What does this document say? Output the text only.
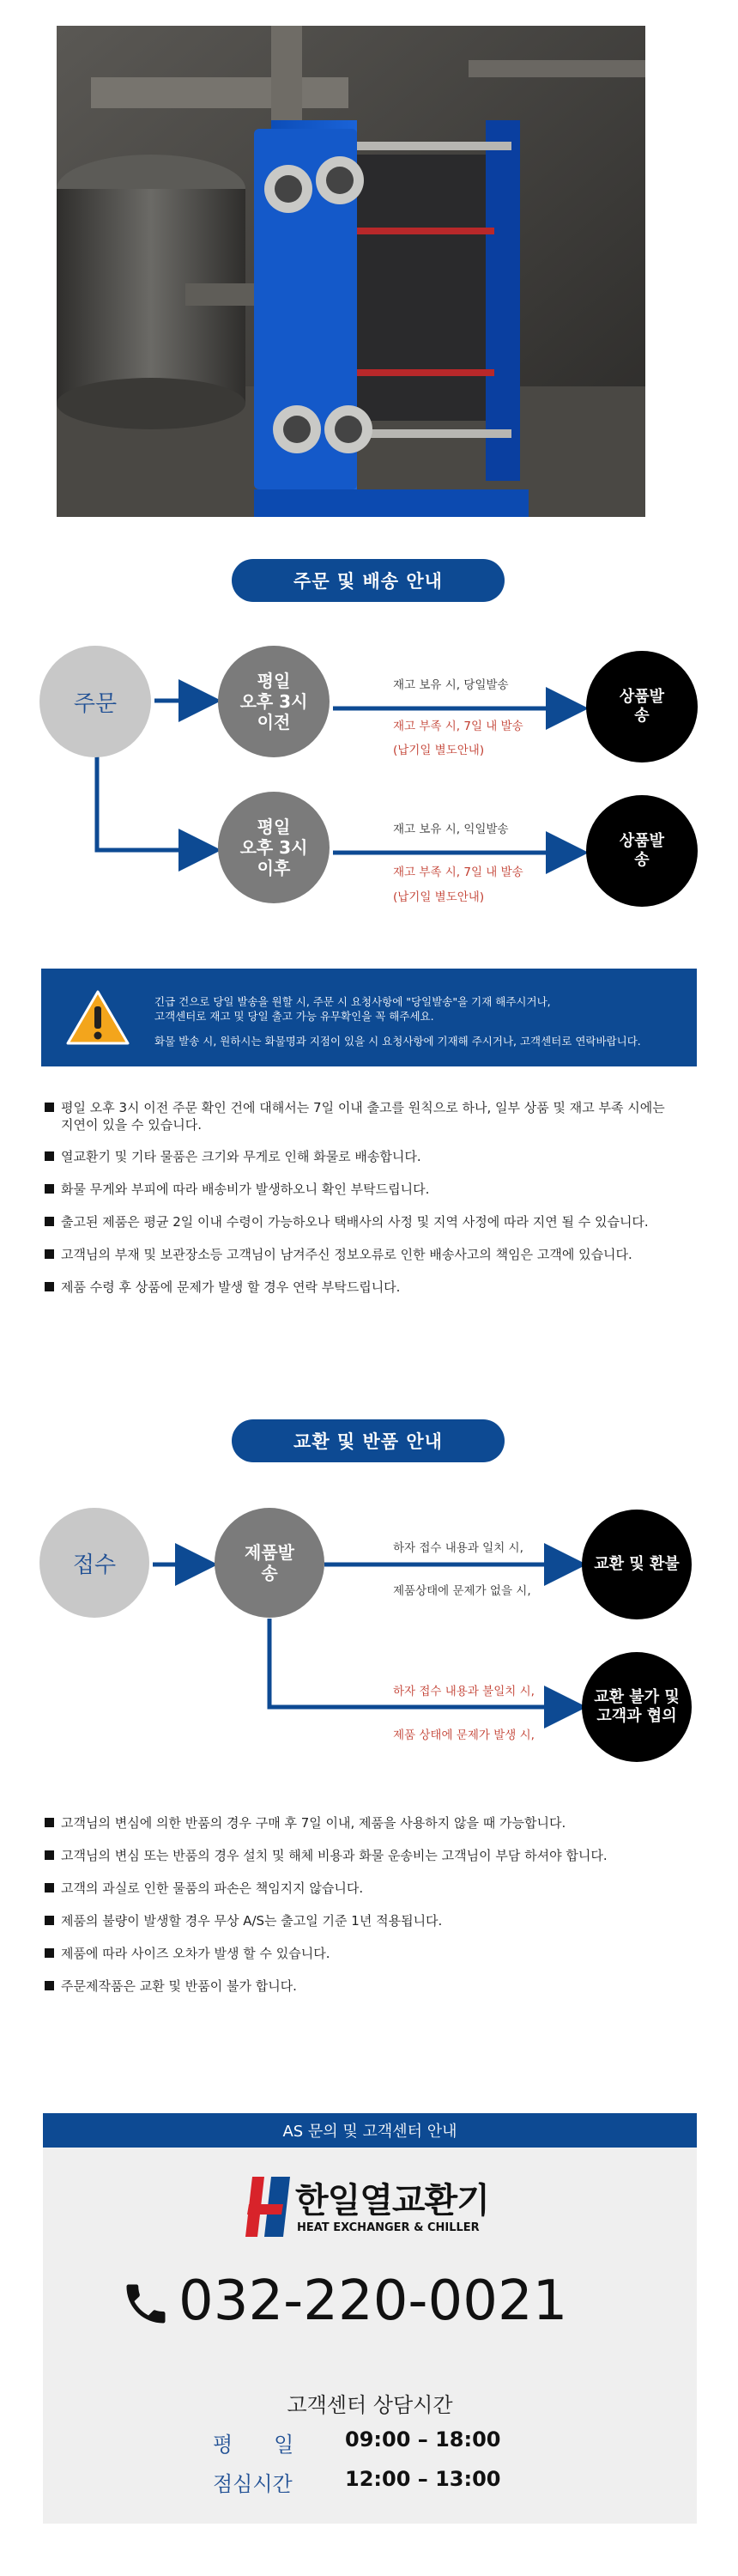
주문 및 배송 안내
주문
평일
오후 3시
이전
평일
오후 3시
이후
상품발
송
상품발
송
재고 보유 시, 당일발송
재고 부족 시, 7일 내 발송
(납기일 별도안내)
재고 보유 시, 익일발송
재고 부족 시, 7일 내 발송
(납기일 별도안내)
긴급 건으로 당일 발송을 원할 시, 주문 시 요청사항에 "당일발송"을 기재 해주시거나,
고객센터로 재고 및 당일 출고 가능 유무확인을 꼭 해주세요.
화물 발송 시, 원하시는 화물명과 지점이 있을 시 요청사항에 기재해 주시거나, 고객센터로 연락바랍니다.
평일 오후 3시 이전 주문 확인 건에 대해서는 7일 이내 출고를 원칙으로 하나, 일부 상품 및 재고 부족 시에는
지연이 있을 수 있습니다.
열교환기 및 기타 물품은 크기와 무게로 인해 화물로 배송합니다.
화물 무게와 부피에 따라 배송비가 발생하오니 확인 부탁드립니다.
출고된 제품은 평균 2일 이내 수령이 가능하오나 택배사의 사정 및 지역 사정에 따라 지연 될 수 있습니다.
고객님의 부재 및 보관장소등 고객님이 남겨주신 정보오류로 인한 배송사고의 책임은 고객에 있습니다.
제품 수령 후 상품에 문제가 발생 할 경우 연락 부탁드립니다.
교환 및 반품 안내
접수	제품발
송	교환 및 환불
교환 불가 및
고객과 협의
하자 접수 내용과 일치 시,
제품상태에 문제가 없을 시,
하자 접수 내용과 불일치 시,
제품 상태에 문제가 발생 시,
고객님의 변심에 의한 반품의 경우 구매 후 7일 이내, 제품을 사용하지 않을 때 가능합니다.
고객님의 변심 또는 반품의 경우 설치 및 해체 비용과 화물 운송비는 고객님이 부담 하셔야 합니다.
고객의 과실로 인한 물품의 파손은 책임지지 않습니다.
제품의 불량이 발생할 경우 무상 A/S는 출고일 기준 1년 적용됩니다.
제품에 따라 사이즈 오차가 발생 할 수 있습니다.
주문제작품은 교환 및 반품이 불가 합니다.
AS 문의 및 고객센터 안내
한일열교환기
HEAT EXCHANGER & CHILLER
032-220-0021
고객센터 상담시간
평　　일 09:00 – 18:00
점심시간	12:00 – 13:00
